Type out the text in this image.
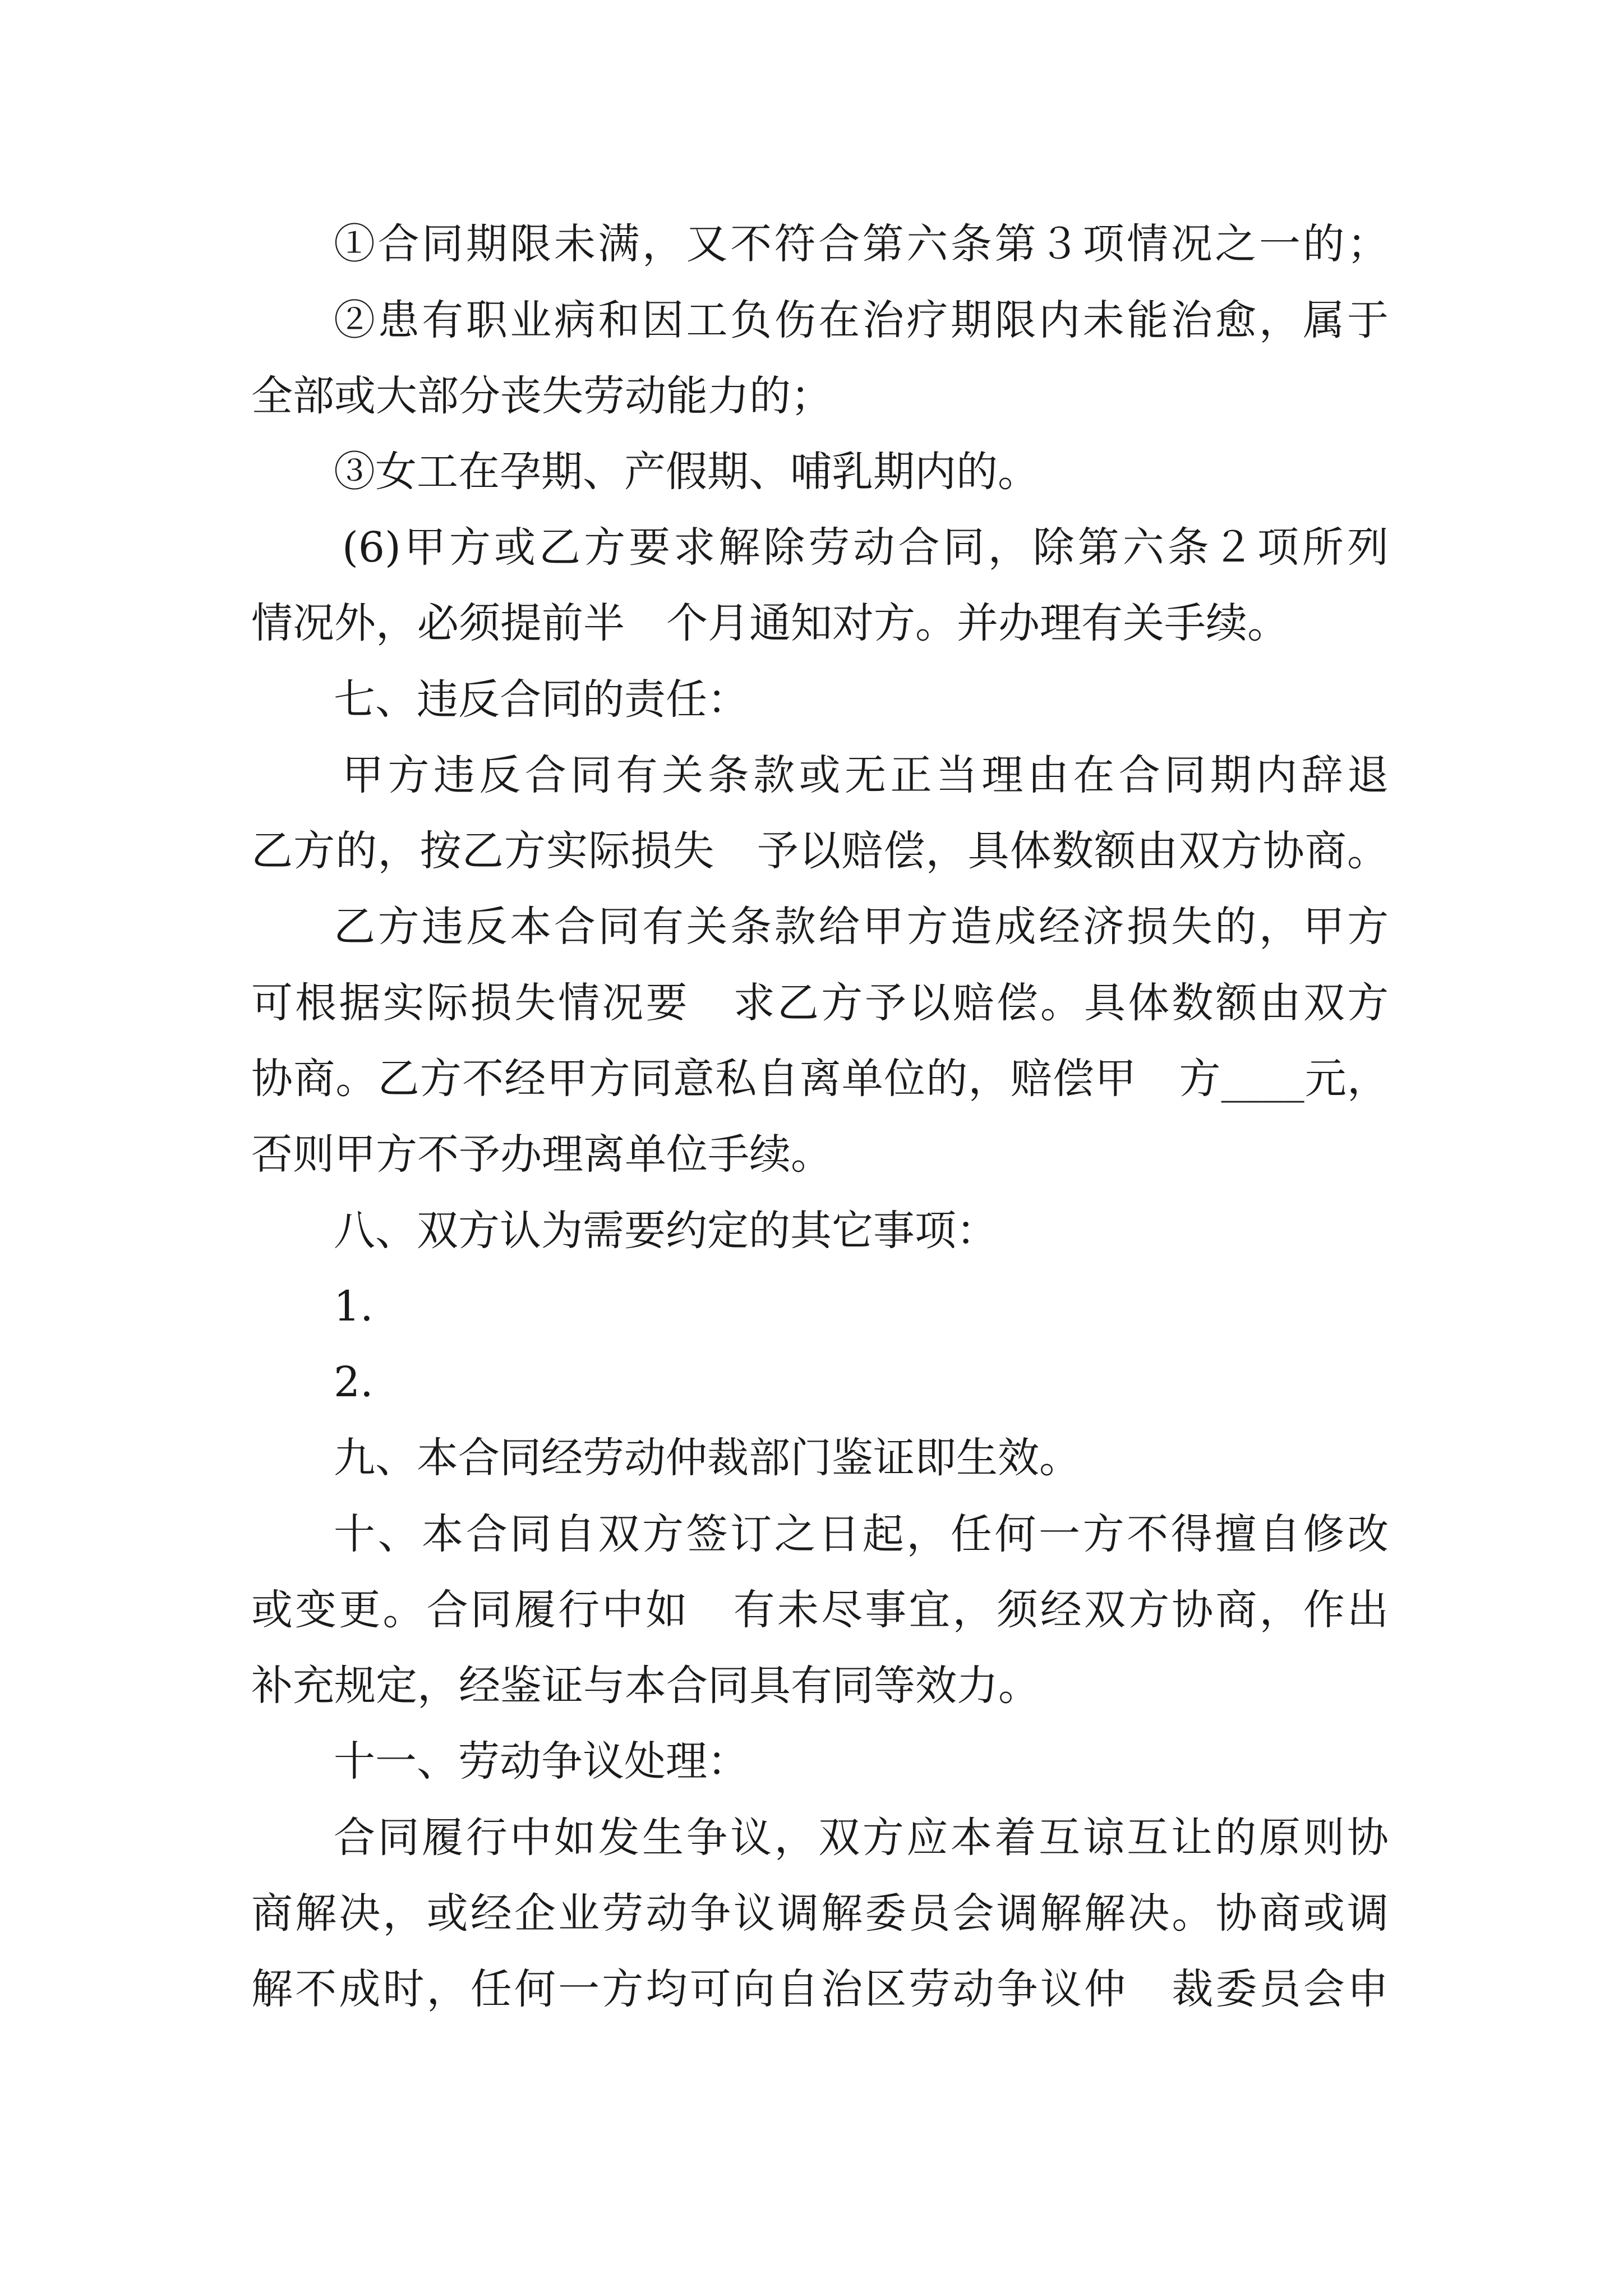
①合同期限未满，又不符合第六条第３项情况之一的；
②患有职业病和因工负伤在治疗期限内未能治愈，属于
全部或大部分丧失劳动能力的；
③女工在孕期、产假期、哺乳期内的。
(6)甲方或乙方要求解除劳动合同，除第六条２项所列
情况外，必须提前半　个月通知对方。并办理有关手续。
七、违反合同的责任：
甲方违反合同有关条款或无正当理由在合同期内辞退
乙方的，按乙方实际损失　予以赔偿，具体数额由双方协商。
乙方违反本合同有关条款给甲方造成经济损失的，甲方
可根据实际损失情况要　求乙方予以赔偿。具体数额由双方
协商。乙方不经甲方同意私自离单位的，赔偿甲　方____元，
否则甲方不予办理离单位手续。
八、双方认为需要约定的其它事项：
1.
2.
九、本合同经劳动仲裁部门鉴证即生效。
十、本合同自双方签订之日起，任何一方不得擅自修改
或变更。合同履行中如　有未尽事宜，须经双方协商，作出
补充规定，经鉴证与本合同具有同等效力。
十一、劳动争议处理：
合同履行中如发生争议，双方应本着互谅互让的原则协
商解决，或经企业劳动争议调解委员会调解解决。协商或调
解不成时，任何一方均可向自治区劳动争议仲　裁委员会申
